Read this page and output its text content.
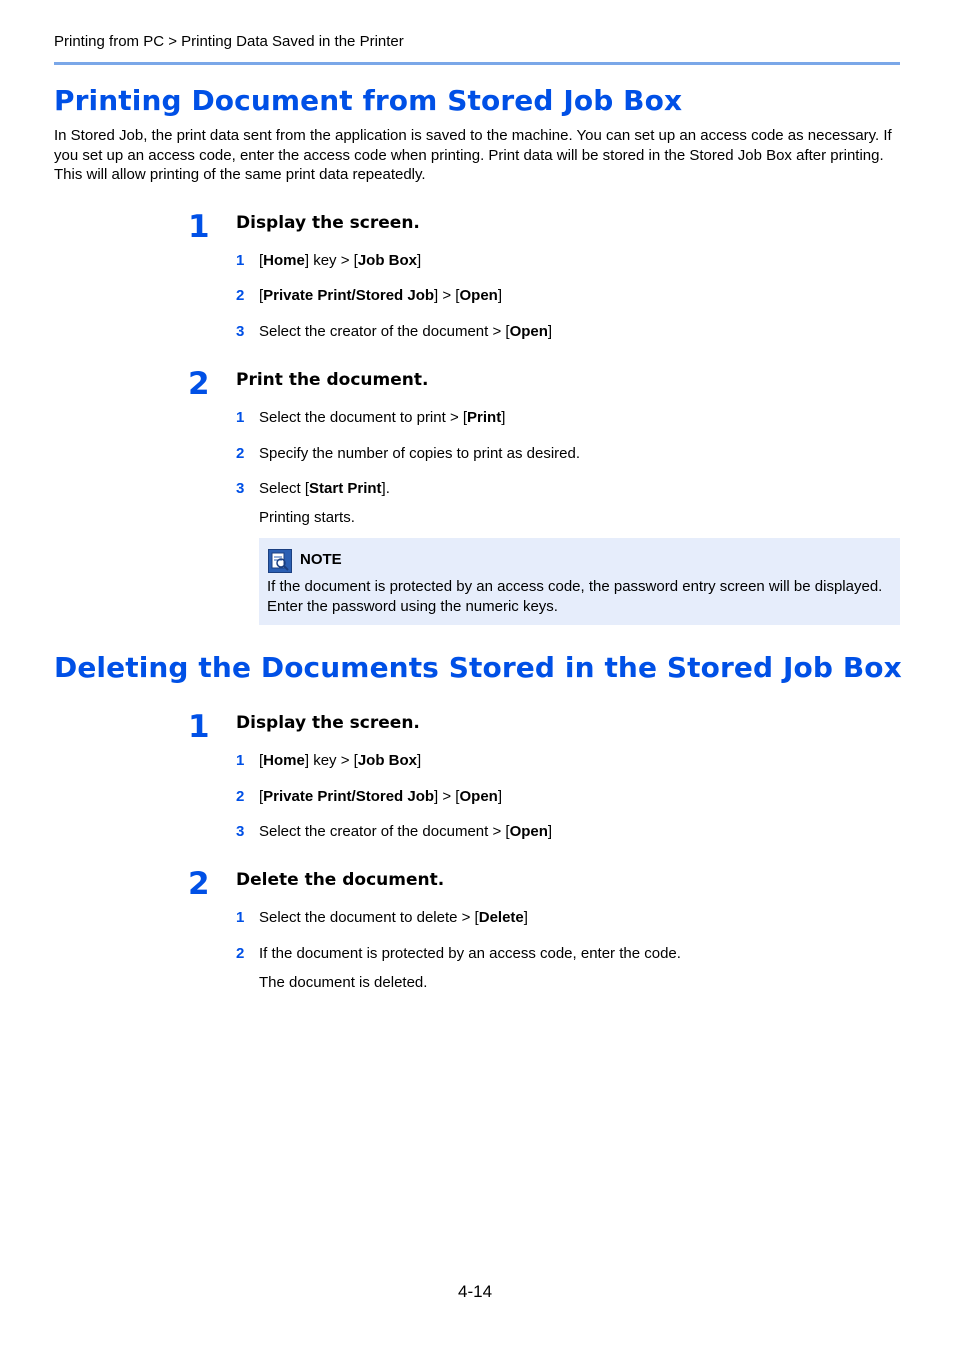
Printing from PC > Printing Data Saved in the Printer
Printing Document from Stored Job Box
In Stored Job, the print data sent from the application is saved to the machine. You can set up an access code as necessary. If you set up an access code, enter the access code when printing. Print data will be stored in the Stored Job Box after printing. This will allow printing of the same print data repeatedly.
1 Display the screen.
1 [Home] key > [Job Box]
2 [Private Print/Stored Job] > [Open]
3 Select the creator of the document > [Open]
2 Print the document.
1 Select the document to print > [Print]
2 Specify the number of copies to print as desired.
3 Select [Start Print].
Printing starts.
NOTE
If the document is protected by an access code, the password entry screen will be displayed. Enter the password using the numeric keys.
Deleting the Documents Stored in the Stored Job Box
1 Display the screen.
1 [Home] key > [Job Box]
2 [Private Print/Stored Job] > [Open]
3 Select the creator of the document > [Open]
2 Delete the document.
1 Select the document to delete > [Delete]
2 If the document is protected by an access code, enter the code.
The document is deleted.
4-14
